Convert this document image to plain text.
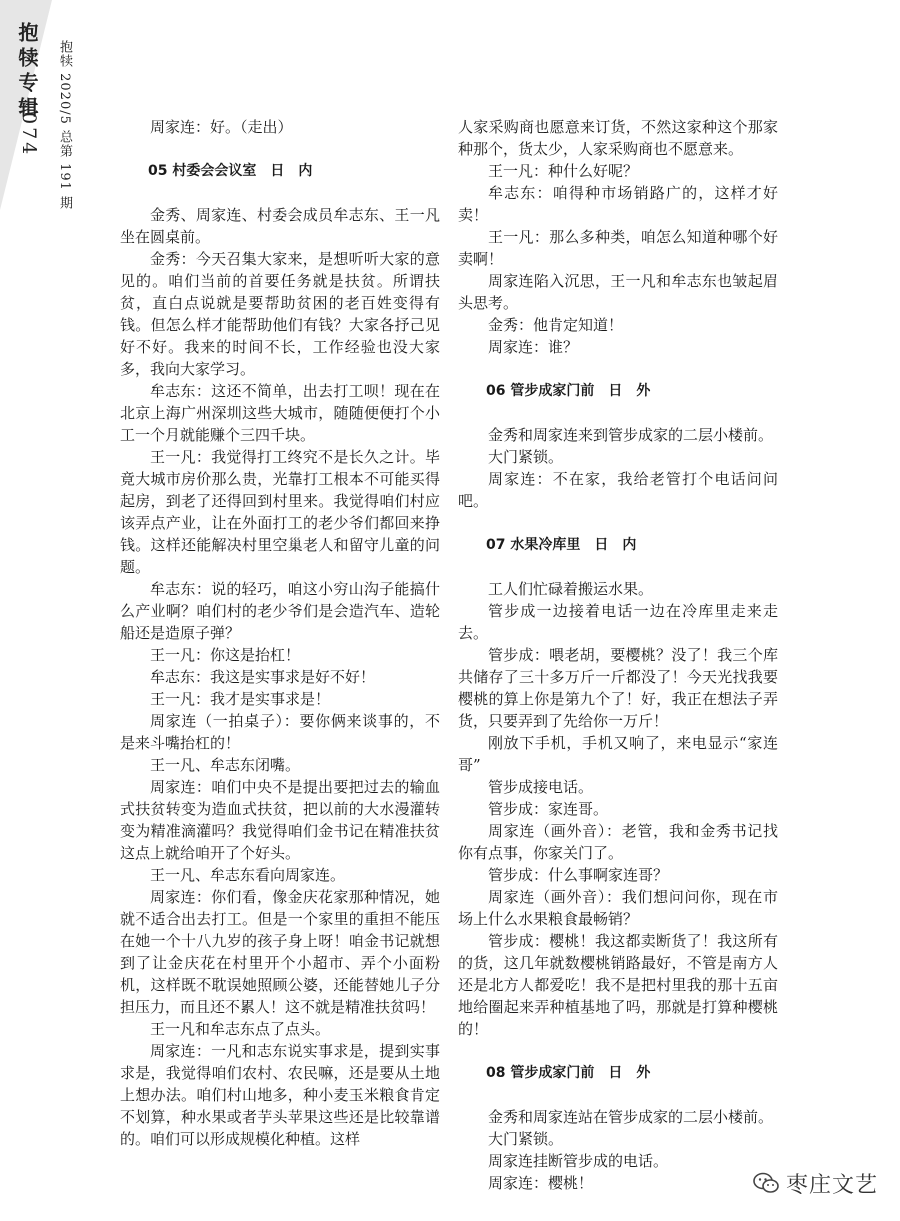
抱犊专辑
074	抱犊 2020/5 总第 191 期	周家连：好。（走出）

05 村委会会议室　日　内

金秀、周家连、村委会成员牟志东、王一凡坐在圆桌前。

金秀：今天召集大家来，是想听听大家的意见的。咱们当前的首要任务就是扶贫。所谓扶贫，直白点说就是要帮助贫困的老百姓变得有钱。但怎么样才能帮助他们有钱？大家各抒己见好不好。我来的时间不长，工作经验也没大家多，我向大家学习。

牟志东：这还不简单，出去打工呗！现在在北京上海广州深圳这些大城市，随随便便打个小工一个月就能赚个三四千块。

王一凡：我觉得打工终究不是长久之计。毕竟大城市房价那么贵，光靠打工根本不可能买得起房，到老了还得回到村里来。我觉得咱们村应该弄点产业，让在外面打工的老少爷们都回来挣钱。这样还能解决村里空巢老人和留守儿童的问题。

牟志东：说的轻巧，咱这小穷山沟子能搞什么产业啊？咱们村的老少爷们是会造汽车、造轮船还是造原子弹？

王一凡：你这是抬杠！

牟志东：我这是实事求是好不好！

王一凡：我才是实事求是！

周家连（一拍桌子）：要你俩来谈事的，不是来斗嘴抬杠的！

王一凡、牟志东闭嘴。

周家连：咱们中央不是提出要把过去的输血式扶贫转变为造血式扶贫，把以前的大水漫灌转变为精准滴灌吗？我觉得咱们金书记在精准扶贫这点上就给咱开了个好头。

王一凡、牟志东看向周家连。

周家连：你们看，像金庆花家那种情况，她就不适合出去打工。但是一个家里的重担不能压在她一个十八九岁的孩子身上呀！咱金书记就想到了让金庆花在村里开个小超市、弄个小面粉机，这样既不耽误她照顾公婆，还能替她儿子分担压力，而且还不累人！这不就是精准扶贫吗！

王一凡和牟志东点了点头。

周家连：一凡和志东说实事求是，提到实事求是，我觉得咱们农村、农民嘛，还是要从土地上想办法。咱们村山地多，种小麦玉米粮食肯定不划算，种水果或者芋头苹果这些还是比较靠谱的。咱们可以形成规模化种植。这样

人家采购商也愿意来订货，不然这家种这个那家种那个，货太少，人家采购商也不愿意来。

王一凡：种什么好呢？

牟志东：咱得种市场销路广的，这样才好卖！

王一凡：那么多种类，咱怎么知道种哪个好卖啊！

周家连陷入沉思，王一凡和牟志东也皱起眉头思考。

金秀：他肯定知道！

周家连：谁？

06 管步成家门前　日　外

金秀和周家连来到管步成家的二层小楼前。

大门紧锁。

周家连：不在家，我给老管打个电话问问吧。

07 水果冷库里　日　内

工人们忙碌着搬运水果。

管步成一边接着电话一边在冷库里走来走去。

管步成：喂老胡，要樱桃？没了！我三个库共储存了三十多万斤一斤都没了！今天光找我要樱桃的算上你是第九个了！好，我正在想法子弄货，只要弄到了先给你一万斤！

刚放下手机，手机又响了，来电显示“家连哥”

管步成接电话。

管步成：家连哥。

周家连（画外音）：老管，我和金秀书记找你有点事，你家关门了。

管步成：什么事啊家连哥？

周家连（画外音）：我们想问问你，现在市场上什么水果粮食最畅销？

管步成：樱桃！我这都卖断货了！我这所有的货，这几年就数樱桃销路最好，不管是南方人还是北方人都爱吃！我不是把村里我的那十五亩地给圈起来弄种植基地了吗，那就是打算种樱桃的！

08 管步成家门前　日　外

金秀和周家连站在管步成家的二层小楼前。

大门紧锁。

周家连挂断管步成的电话。

周家连：樱桃！	枣庄文艺
